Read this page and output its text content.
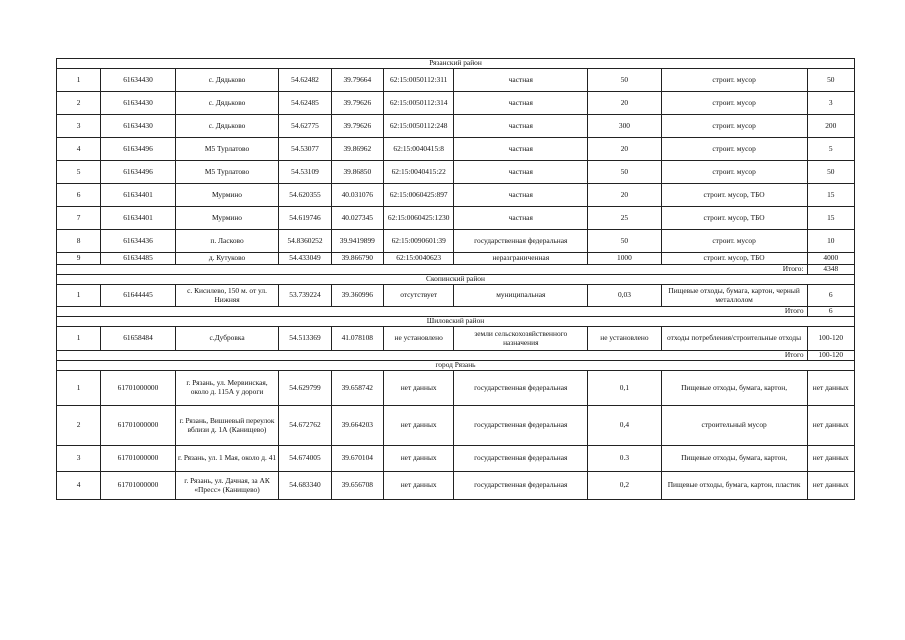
Рязанский район									
1	61634430	с. Дядьково	54.62482	39.79664	62:15:0050112:311	частная	50	строит. мусор	50
2	61634430	с. Дядьково	54.62485	39.79626	62:15:0050112:314	частная	20	строит. мусор	3
3	61634430	с. Дядьково	54.62775	39.79626	62:15:0050112:248	частная	300	строит. мусор	200
4	61634496	М5 Турлатово	54.53077	39.86962	62:15:0040415:8	частная	20	строит. мусор	5
5	61634496	М5 Турлатово	54.53109	39.86850	62:15:0040415:22	частная	50	строит. мусор	50
6	61634401	Мурмино	54.620355	40.031076	62:15:0060425:897	частная	20	строит. мусор, ТБО	15
7	61634401	Мурмино	54.619746	40.027345	62:15:0060425:1230	частная	25	строит. мусор, ТБО	15
8	61634436	п. Ласково	54.8360252	39.9419899	62:15:0090601:39	государственная федеральная	50	строит. мусор	10
9	61634485	д. Кутуково	54.433049	39.866790	62:15:0040623	неразграниченная	1000	строит. мусор, ТБО	4000
Итого:									4348
Скопинский район									
1	61644445	с. Кисилево, 150 м. от ул. Нижняя	53.739224	39.360996	отсутствует	муниципальная	0,03	Пищевые отходы, бумага, картон, черный металлолом	6
Итого									6
Шиловский район									
1	61658484	с.Дубровка	54.513369	41.078108	не установлено	земли сельскохозяйственного назначения	не установлено	отходы потребления/строительные отходы	100-120
Итого									100-120
город Рязань									
1	61701000000	г. Рязань, ул. Мервинская, около д. 115А у дороги	54.629799	39.658742	нет данных	государственная федеральная	0,1	Пищевые отходы, бумага, картон,	нет данных
2	61701000000	г. Рязань, Вишневый переулок вблизи д. 1А (Канищево)	54.672762	39.664203	нет данных	государственная федеральная	0,4	строительный мусор	нет данных
3	61701000000	г. Рязань, ул. 1 Мая, около д. 41	54.674005	39.670104	нет данных	государственная федеральная	0.3	Пищевые отходы, бумага, картон,	нет данных
4	61701000000	г. Рязань, ул. Дачная, за АК «Пресс» (Канищево)	54.683340	39.656708	нет данных	государственная федеральная	0,2	Пищевые отходы, бумага, картон, пластик	нет данных
